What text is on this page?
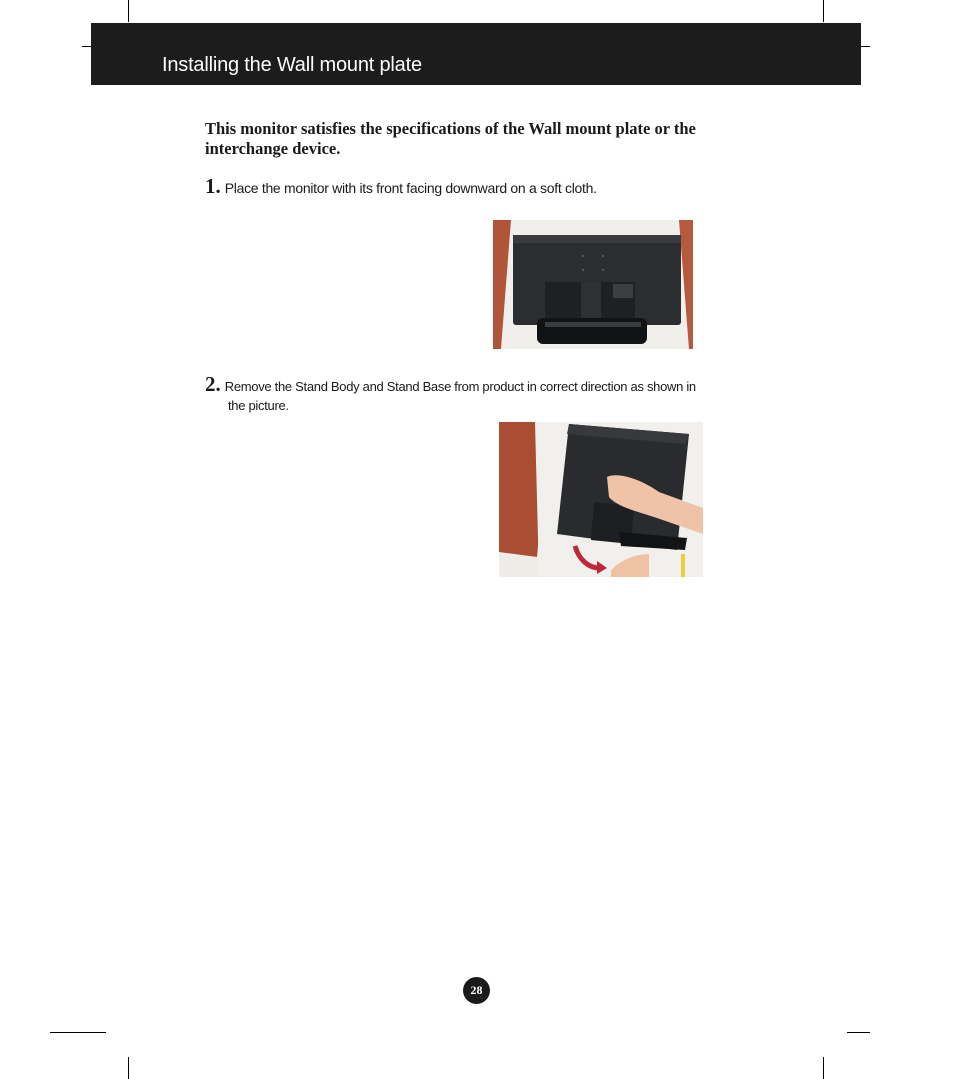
Installing the Wall mount plate

This monitor satisfies the specifications of the Wall mount plate or the interchange device.

1. Place the monitor with its front facing downward on a soft cloth.
2. Remove the Stand Body and Stand Base from product in correct direction as shown in
the picture.
28
